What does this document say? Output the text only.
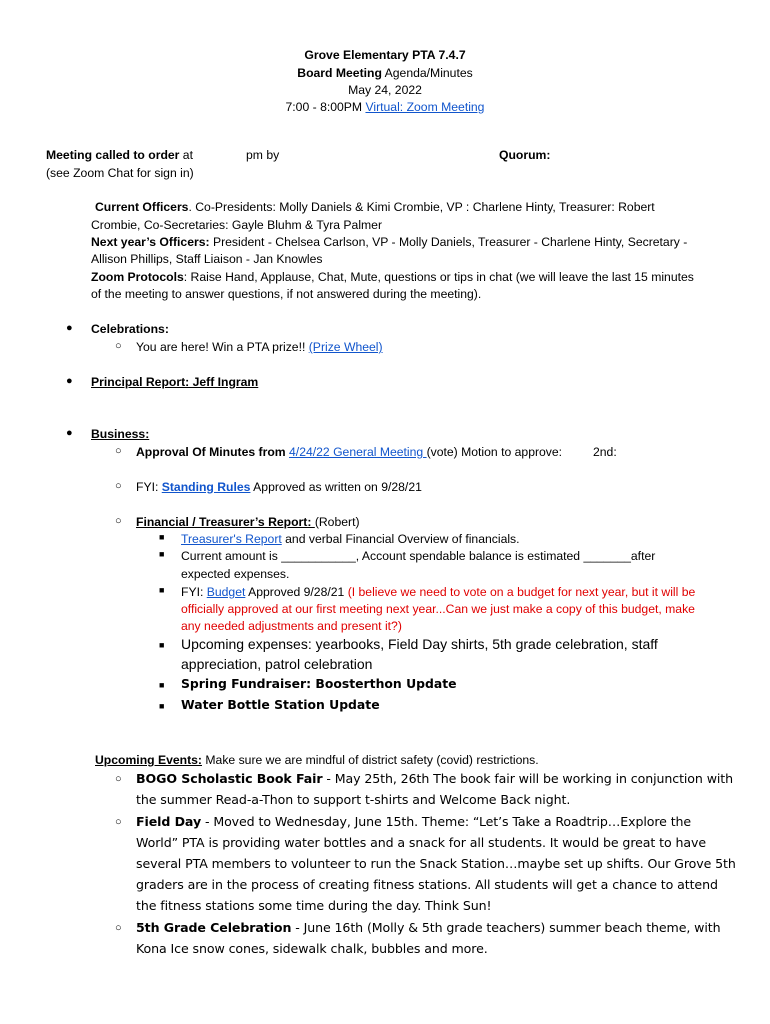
Grove Elementary PTA 7.4.7
Board Meeting Agenda/Minutes
May 24, 2022
7:00 - 8:00PM Virtual: Zoom Meeting
Meeting called to order at	pm by	Quorum:
(see Zoom Chat for sign in)
Current Officers. Co-Presidents: Molly Daniels & Kimi Crombie, VP : Charlene Hinty, Treasurer: Robert
Crombie, Co-Secretaries: Gayle Bluhm & Tyra Palmer
Next year’s Officers: President - Chelsea Carlson, VP - Molly Daniels, Treasurer - Charlene Hinty, Secretary -
Allison Phillips, Staff Liaison - Jan Knowles
Zoom Protocols: Raise Hand, Applause, Chat, Mute, questions or tips in chat (we will leave the last 15 minutes
of the meeting to answer questions, if not answered during the meeting).
● Celebrations:
○ You are here! Win a PTA prize!! (Prize Wheel)
● Principal Report: Jeff Ingram
● Business:
○ Approval Of Minutes from 4/24/22 General Meeting (vote) Motion to approve:	2nd:
○ FYI: Standing Rules Approved as written on 9/28/21
○ Financial / Treasurer’s Report: (Robert)
■ Treasurer's Report and verbal Financial Overview of financials.
■ Current amount is ___________, Account spendable balance is estimated _______after
expected expenses.
■ FYI: Budget Approved 9/28/21 (I believe we need to vote on a budget for next year, but it will be
officially approved at our first meeting next year...Can we just make a copy of this budget, make
any needed adjustments and present it?)
■ Upcoming expenses: yearbooks, Field Day shirts, 5th grade celebration, staff
appreciation, patrol celebration
■ Spring Fundraiser: Boosterthon Update
■ Water Bottle Station Update
Upcoming Events: Make sure we are mindful of district safety (covid) restrictions.
○ BOGO Scholastic Book Fair - May 25th, 26th The book fair will be working in conjunction with
the summer Read-a-Thon to support t-shirts and Welcome Back night.
○ Field Day - Moved to Wednesday, June 15th. Theme: “Let’s Take a Roadtrip…Explore the
World” PTA is providing water bottles and a snack for all students. It would be great to have
several PTA members to volunteer to run the Snack Station…maybe set up shifts. Our Grove 5th
graders are in the process of creating fitness stations. All students will get a chance to attend
the fitness stations some time during the day. Think Sun!
○ 5th Grade Celebration - June 16th (Molly & 5th grade teachers) summer beach theme, with
Kona Ice snow cones, sidewalk chalk, bubbles and more.
